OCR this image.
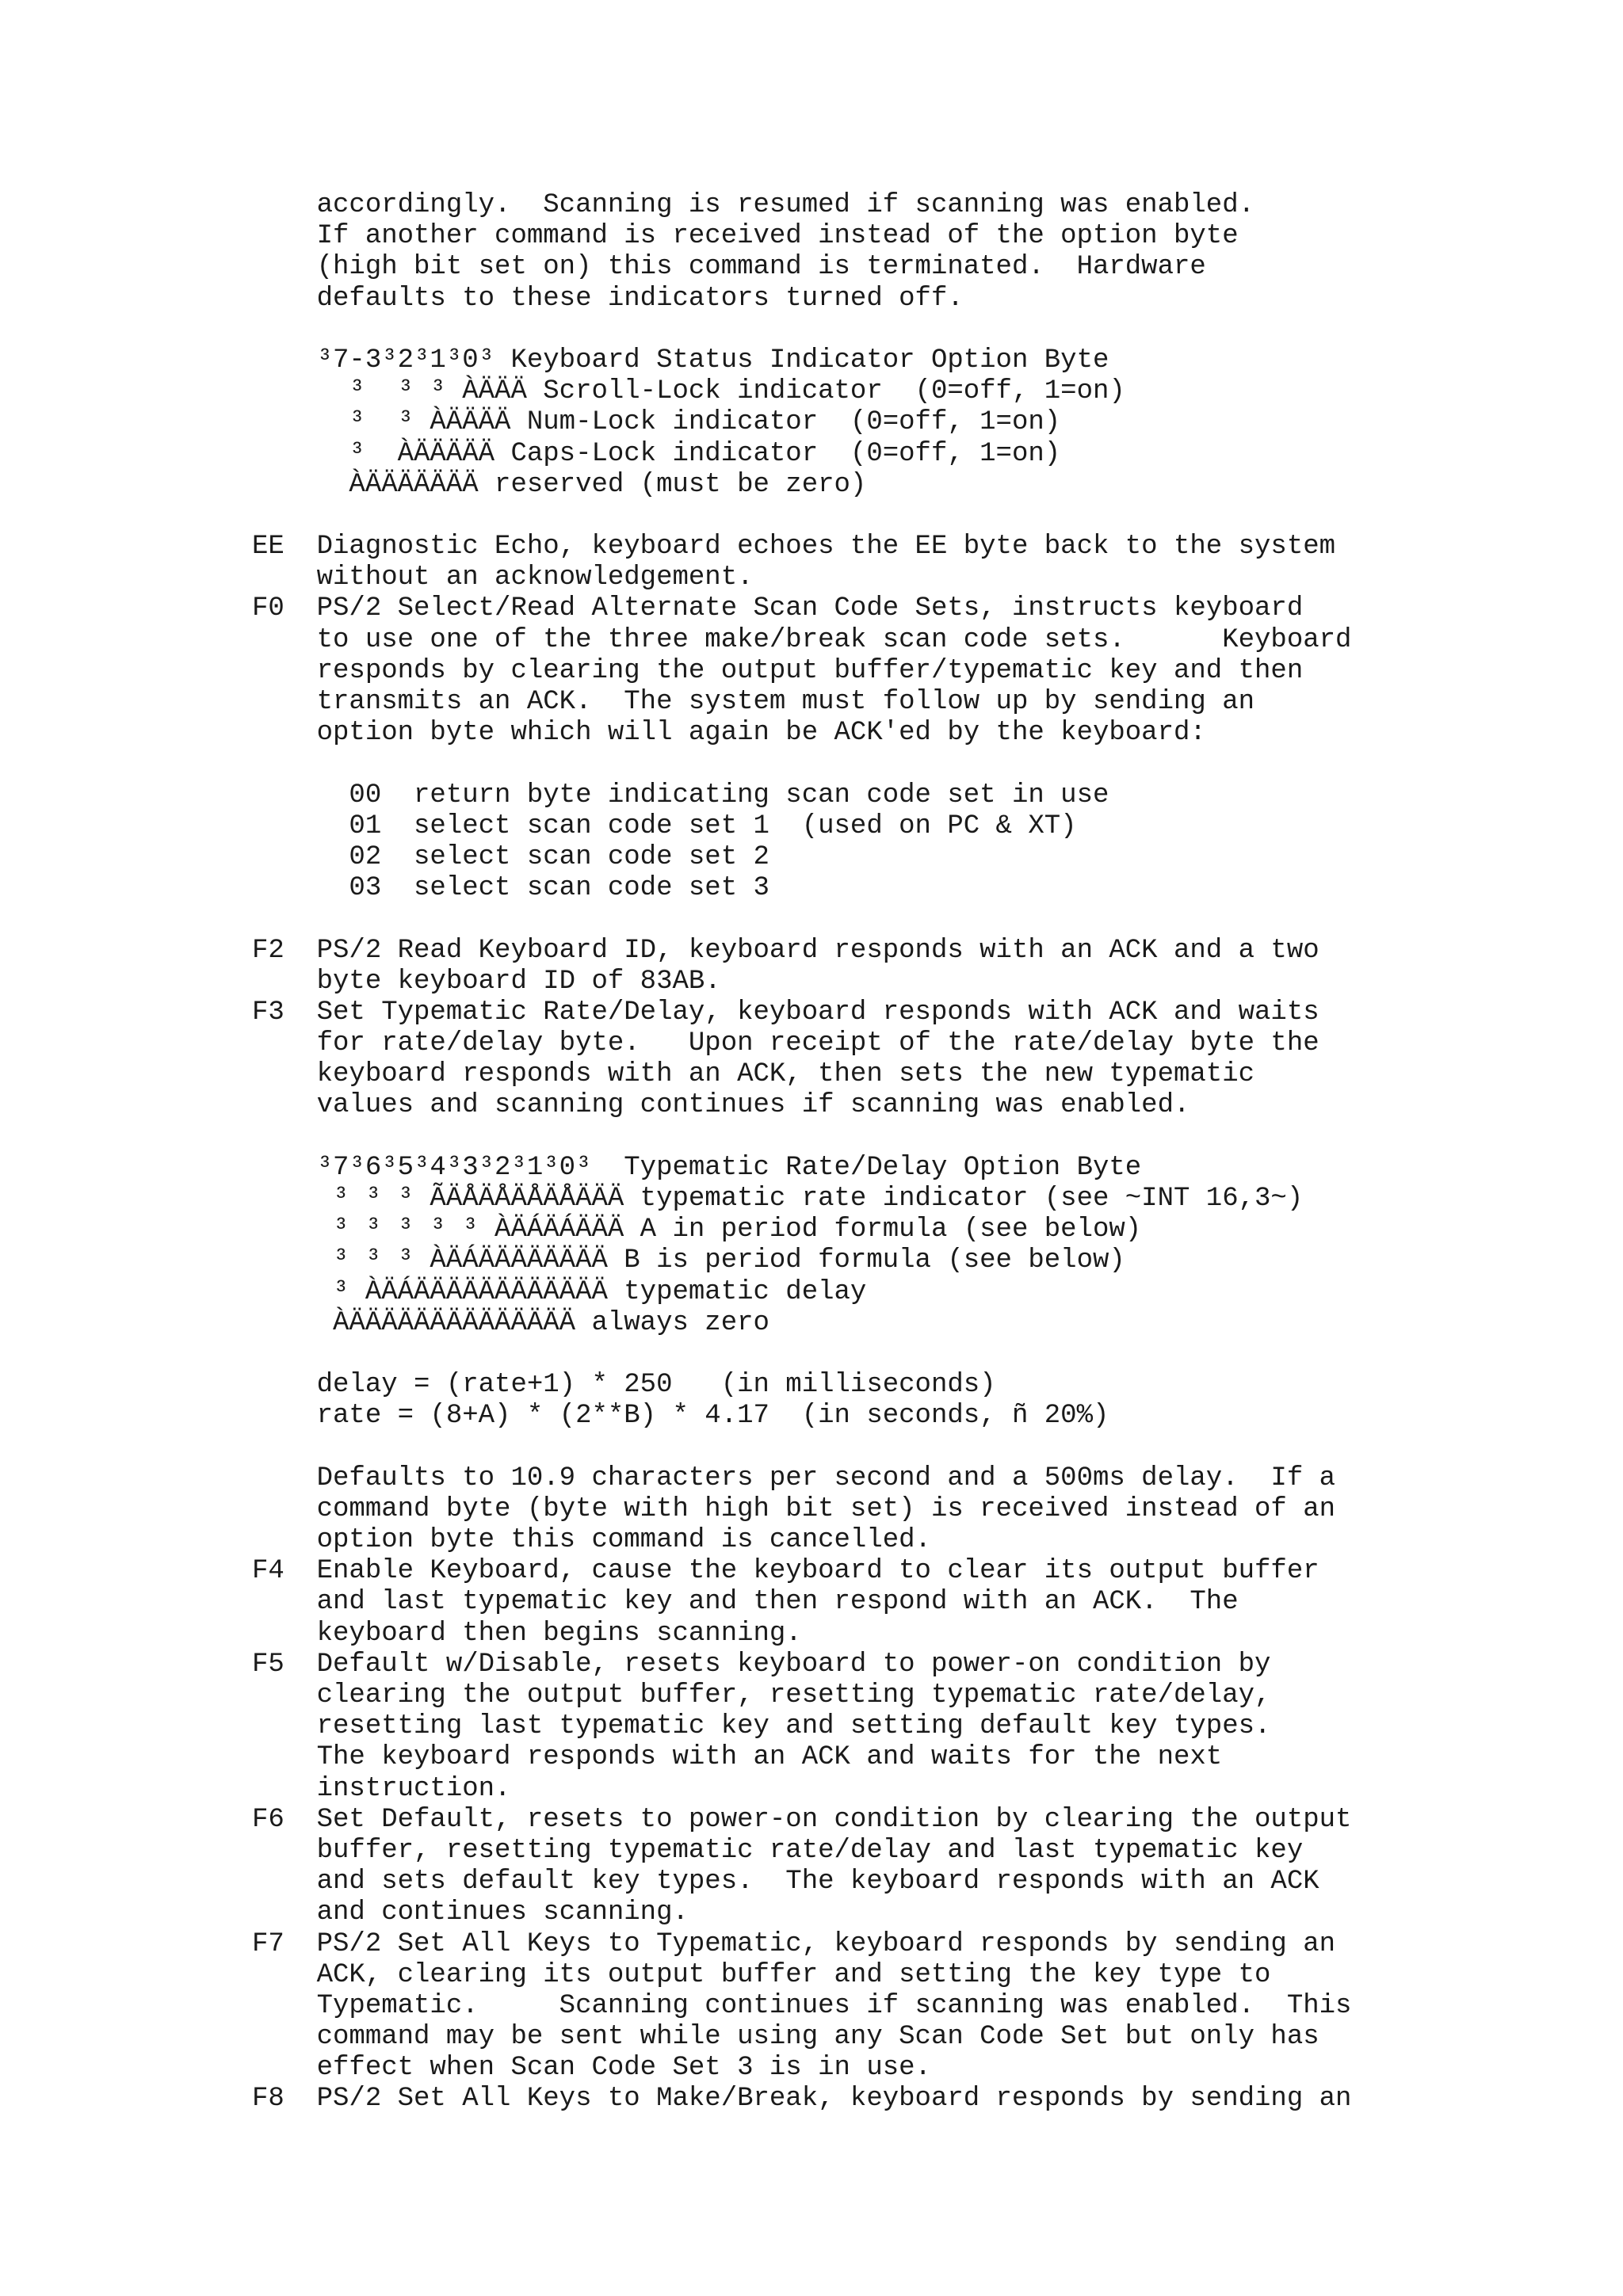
accordingly.  Scanning is resumed if scanning was enabled.
If another command is received instead of the option byte
(high bit set on) this command is terminated.  Hardware
defaults to these indicators turned off.
³7-3³2³1³0³ Keyboard Status Indicator Option Byte
³  ³ ³ ÀÄÄÄ Scroll-Lock indicator  (0=off, 1=on)
³  ³ ÀÄÄÄÄ Num-Lock indicator  (0=off, 1=on)
³  ÀÄÄÄÄÄ Caps-Lock indicator  (0=off, 1=on)
ÀÄÄÄÄÄÄÄ reserved (must be zero)
EE  Diagnostic Echo, keyboard echoes the EE byte back to the system
without an acknowledgement.
F0  PS/2 Select/Read Alternate Scan Code Sets, instructs keyboard
to use one of the three make/break scan code sets.      Keyboard
responds by clearing the output buffer/typematic key and then
transmits an ACK.  The system must follow up by sending an
option byte which will again be ACK'ed by the keyboard:
00  return byte indicating scan code set in use
01  select scan code set 1  (used on PC & XT)
02  select scan code set 2
03  select scan code set 3
F2  PS/2 Read Keyboard ID, keyboard responds with an ACK and a two
byte keyboard ID of 83AB.
F3  Set Typematic Rate/Delay, keyboard responds with ACK and waits
for rate/delay byte.   Upon receipt of the rate/delay byte the
keyboard responds with an ACK, then sets the new typematic
values and scanning continues if scanning was enabled.
³7³6³5³4³3³2³1³0³  Typematic Rate/Delay Option Byte
³ ³ ³ ÃÄÅÄÅÄÅÄÅÄÄÄ typematic rate indicator (see ~INT 16,3~)
³ ³ ³ ³ ³ ÀÄÁÄÁÄÄÄ A in period formula (see below)
³ ³ ³ ÀÄÁÄÄÄÄÄÄÄÄ B is period formula (see below)
³ ÀÄÁÄÄÄÄÄÄÄÄÄÄÄÄ typematic delay
ÀÄÄÄÄÄÄÄÄÄÄÄÄÄÄ always zero
delay = (rate+1) * 250   (in milliseconds)
rate = (8+A) * (2**B) * 4.17  (in seconds, ñ 20%)
Defaults to 10.9 characters per second and a 500ms delay.  If a
command byte (byte with high bit set) is received instead of an
option byte this command is cancelled.
F4  Enable Keyboard, cause the keyboard to clear its output buffer
and last typematic key and then respond with an ACK.  The
keyboard then begins scanning.
F5  Default w/Disable, resets keyboard to power-on condition by
clearing the output buffer, resetting typematic rate/delay,
resetting last typematic key and setting default key types.
The keyboard responds with an ACK and waits for the next
instruction.
F6  Set Default, resets to power-on condition by clearing the output
buffer, resetting typematic rate/delay and last typematic key
and sets default key types.  The keyboard responds with an ACK
and continues scanning.
F7  PS/2 Set All Keys to Typematic, keyboard responds by sending an
ACK, clearing its output buffer and setting the key type to
Typematic.     Scanning continues if scanning was enabled.  This
command may be sent while using any Scan Code Set but only has
effect when Scan Code Set 3 is in use.
F8  PS/2 Set All Keys to Make/Break, keyboard responds by sending an
